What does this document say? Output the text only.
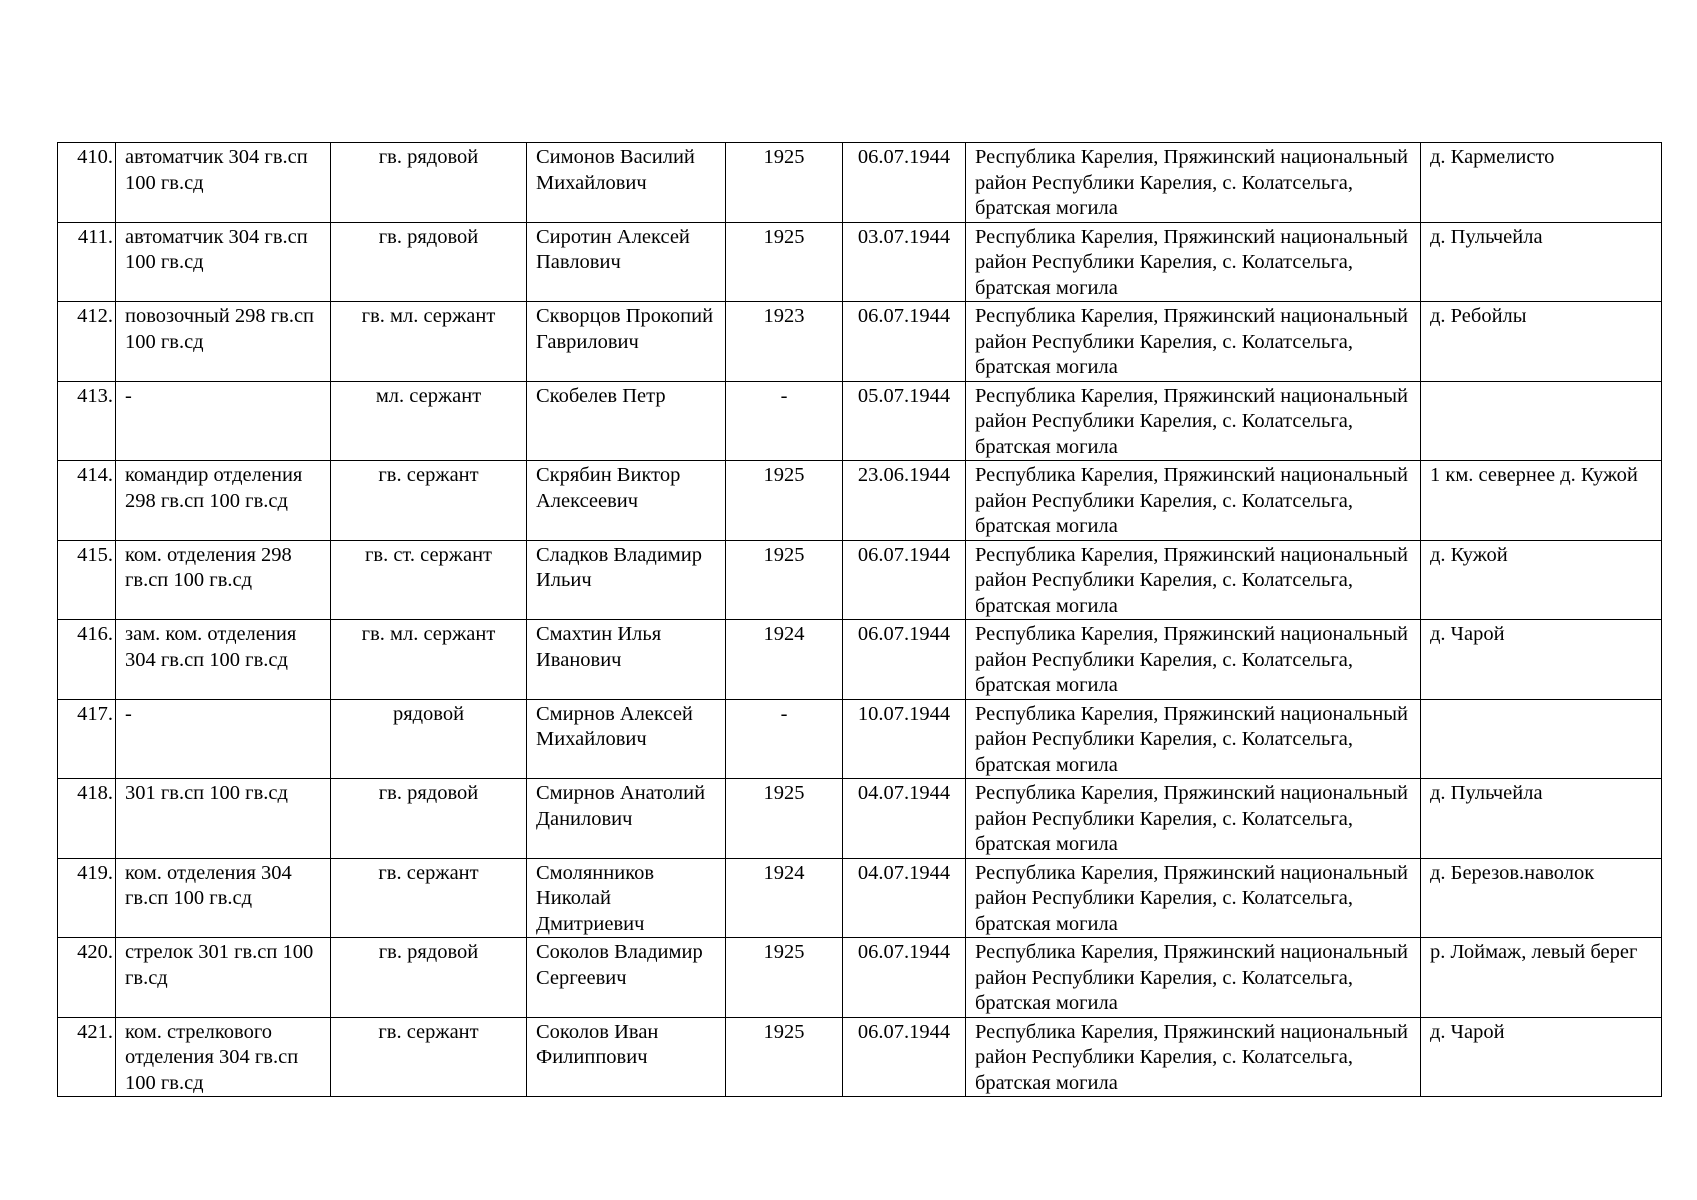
410.	автоматчик 304 гв.сп 100 гв.сд	гв. рядовой	Симонов Василий Михайлович	1925	06.07.1944	Республика Карелия, Пряжинский национальный район Республики Карелия, с. Колатсельга, братская могила	д. Кармелисто
411.	автоматчик 304 гв.сп 100 гв.сд	гв. рядовой	Сиротин Алексей Павлович	1925	03.07.1944	Республика Карелия, Пряжинский национальный район Республики Карелия, с. Колатсельга, братская могила	д. Пульчейла
412.	повозочный 298 гв.сп 100 гв.сд	гв. мл. сержант	Скворцов Прокопий Гаврилович	1923	06.07.1944	Республика Карелия, Пряжинский национальный район Республики Карелия, с. Колатсельга, братская могила	д. Ребойлы
413.	-	мл. сержант	Скобелев Петр	-	05.07.1944	Республика Карелия, Пряжинский национальный район Республики Карелия, с. Колатсельга, братская могила	
414.	командир отделения 298 гв.сп 100 гв.сд	гв. сержант	Скрябин Виктор Алексеевич	1925	23.06.1944	Республика Карелия, Пряжинский национальный район Республики Карелия, с. Колатсельга, братская могила	1 км. севернее д. Кужой
415.	ком. отделения 298 гв.сп 100 гв.сд	гв. ст. сержант	Сладков Владимир Ильич	1925	06.07.1944	Республика Карелия, Пряжинский национальный район Республики Карелия, с. Колатсельга, братская могила	д. Кужой
416.	зам. ком. отделения 304 гв.сп 100 гв.сд	гв. мл. сержант	Смахтин Илья Иванович	1924	06.07.1944	Республика Карелия, Пряжинский национальный район Республики Карелия, с. Колатсельга, братская могила	д. Чарой
417.	-	рядовой	Смирнов Алексей Михайлович	-	10.07.1944	Республика Карелия, Пряжинский национальный район Республики Карелия, с. Колатсельга, братская могила	
418.	301 гв.сп 100 гв.сд	гв. рядовой	Смирнов Анатолий Данилович	1925	04.07.1944	Республика Карелия, Пряжинский национальный район Республики Карелия, с. Колатсельга, братская могила	д. Пульчейла
419.	ком. отделения 304 гв.сп 100 гв.сд	гв. сержант	Смолянников Николай Дмитриевич	1924	04.07.1944	Республика Карелия, Пряжинский национальный район Республики Карелия, с. Колатсельга, братская могила	д. Березов.наволок
420.	стрелок 301 гв.сп 100 гв.сд	гв. рядовой	Соколов Владимир Сергеевич	1925	06.07.1944	Республика Карелия, Пряжинский национальный район Республики Карелия, с. Колатсельга, братская могила	р. Лоймаж, левый берег
421.	ком. стрелкового отделения 304 гв.сп 100 гв.сд	гв. сержант	Соколов Иван Филиппович	1925	06.07.1944	Республика Карелия, Пряжинский национальный район Республики Карелия, с. Колатсельга, братская могила	д. Чарой
